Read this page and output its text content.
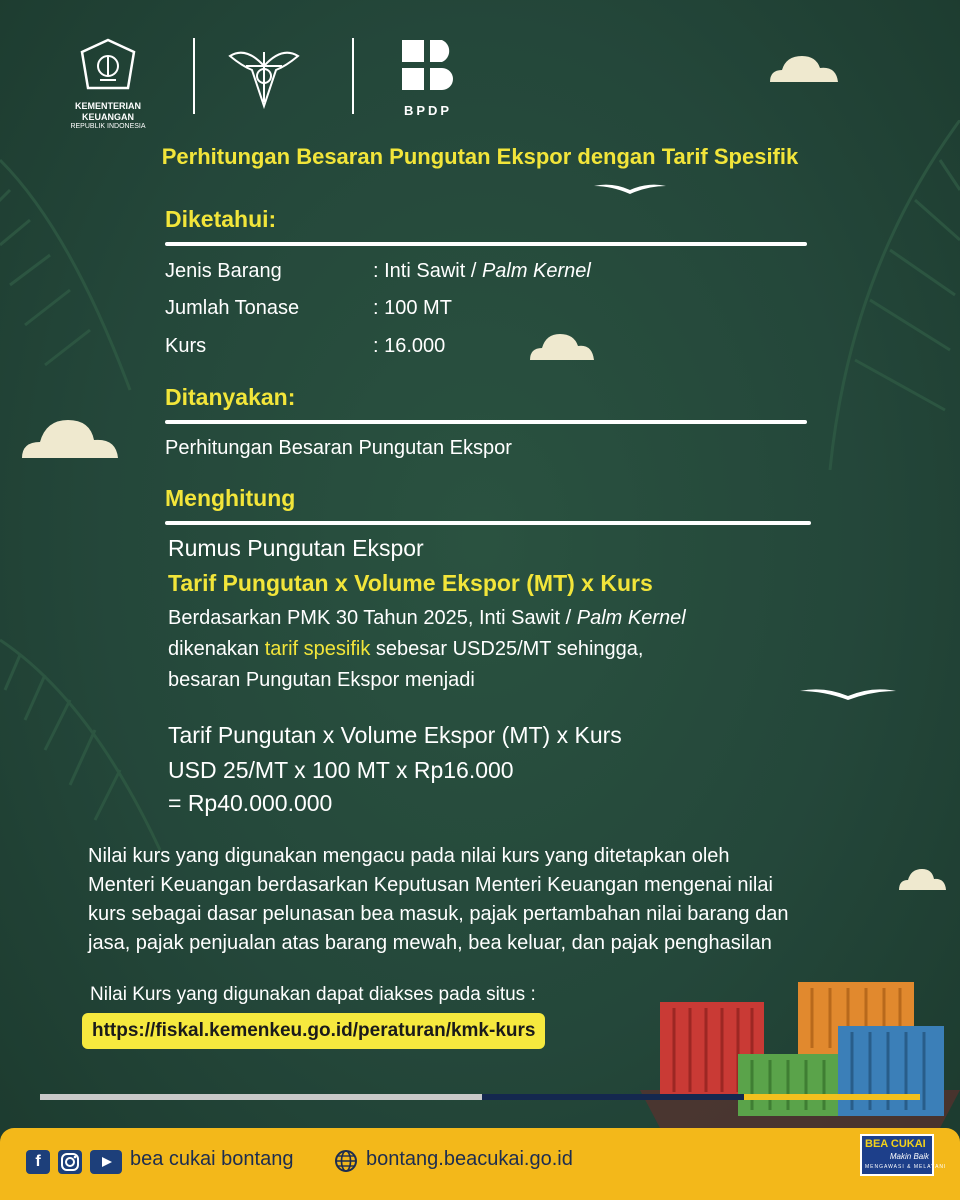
KEMENTERIAN KEUANGAN
REPUBLIK INDONESIA
BPDP
Perhitungan Besaran Pungutan Ekspor dengan Tarif Spesifik
Diketahui:
Jenis Barang	: Inti Sawit / Palm Kernel
Jumlah Tonase	: 100 MT
Kurs	: 16.000
Ditanyakan:
Perhitungan Besaran Pungutan Ekspor
Menghitung
Rumus Pungutan Ekspor
Tarif Pungutan x Volume Ekspor (MT) x Kurs
Berdasarkan PMK 30 Tahun 2025, Inti Sawit / Palm Kernel
dikenakan tarif spesifik sebesar USD25/MT sehingga,
besaran Pungutan Ekspor menjadi
Tarif Pungutan x Volume Ekspor (MT) x Kurs
USD 25/MT x 100 MT x Rp16.000
= Rp40.000.000
Nilai kurs yang digunakan mengacu pada nilai kurs yang ditetapkan oleh
Menteri Keuangan berdasarkan Keputusan Menteri Keuangan mengenai nilai
kurs sebagai dasar pelunasan bea masuk, pajak pertambahan nilai barang dan
jasa, pajak penjualan atas barang mewah, bea keluar, dan pajak penghasilan
Nilai Kurs yang digunakan dapat diakses pada situs :
https://fiskal.kemenkeu.go.id/peraturan/kmk-kurs
f	bea cukai bontang	bontang.beacukai.go.id
BEA CUKAI
Makin Baik
MENGAWASI & MELAYANI
